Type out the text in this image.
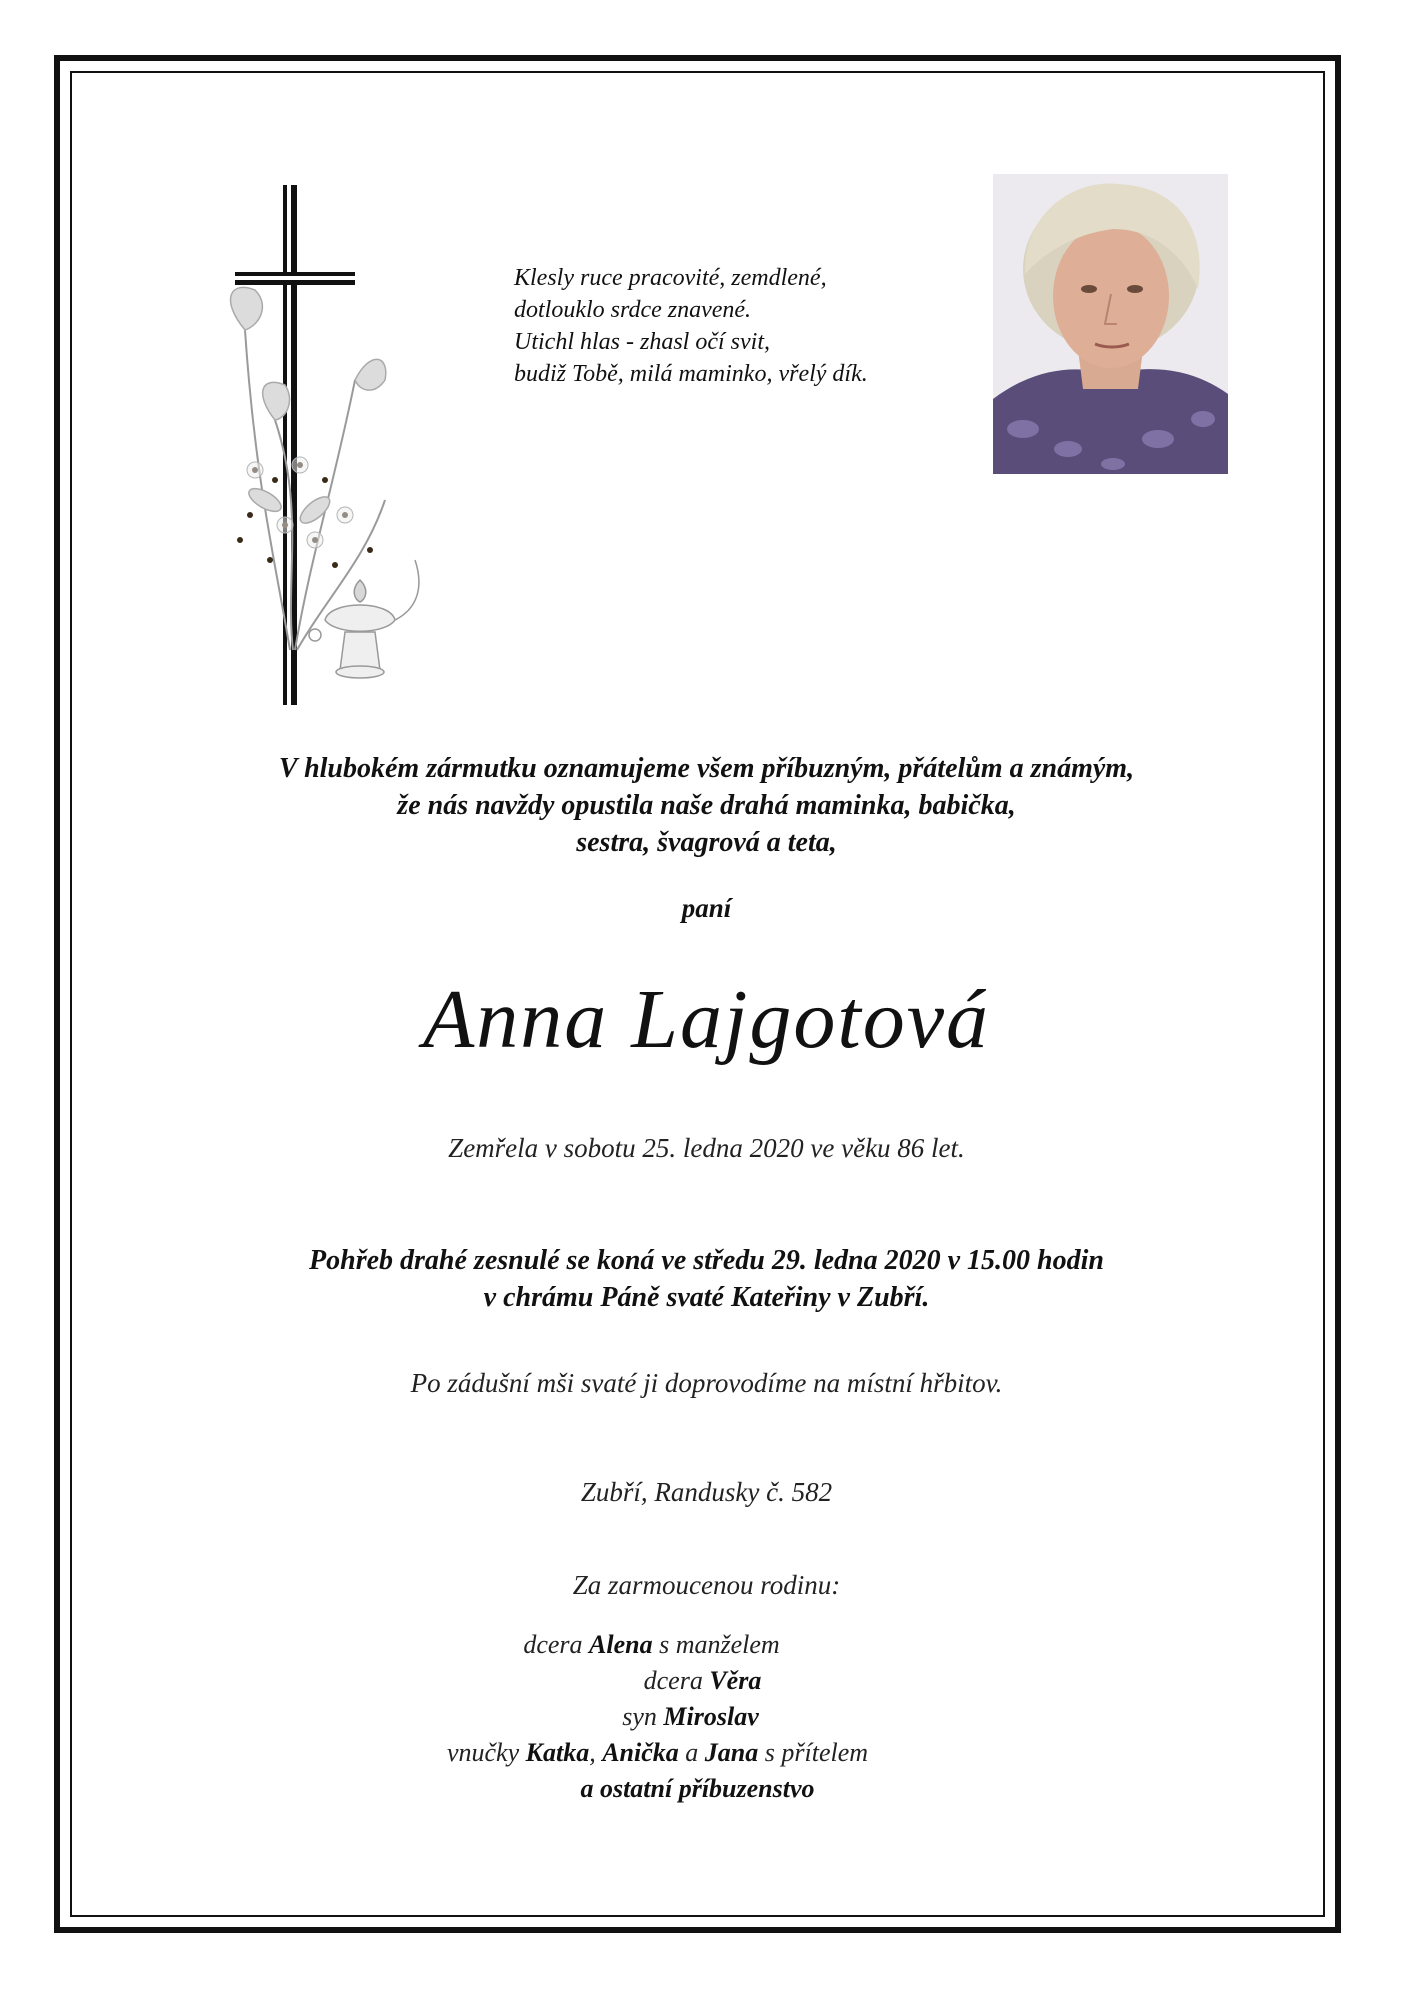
Klesly ruce pracovité, zemdlené,
dotlouklo srdce znavené.
Utichl hlas - zhasl očí svit,
budiž Tobě, milá maminko, vřelý dík.

V hlubokém zármutku oznamujeme všem příbuzným, přátelům a známým,
že nás navždy opustila naše drahá maminka, babička,
sestra, švagrová a teta,

paní

Anna Lajgotová

Zemřela v sobotu 25. ledna 2020 ve věku 86 let.

Pohřeb drahé zesnulé se koná ve středu 29. ledna 2020 v 15.00 hodin
v chrámu Páně svaté Kateřiny v Zubří.

Po zádušní mši svaté ji doprovodíme na místní hřbitov.

Zubří, Randusky č. 582

Za zarmoucenou rodinu:

dcera Alena s manželem
dcera Věra
syn Miroslav
vnučky Katka, Anička a Jana s přítelem
a ostatní příbuzenstvo
